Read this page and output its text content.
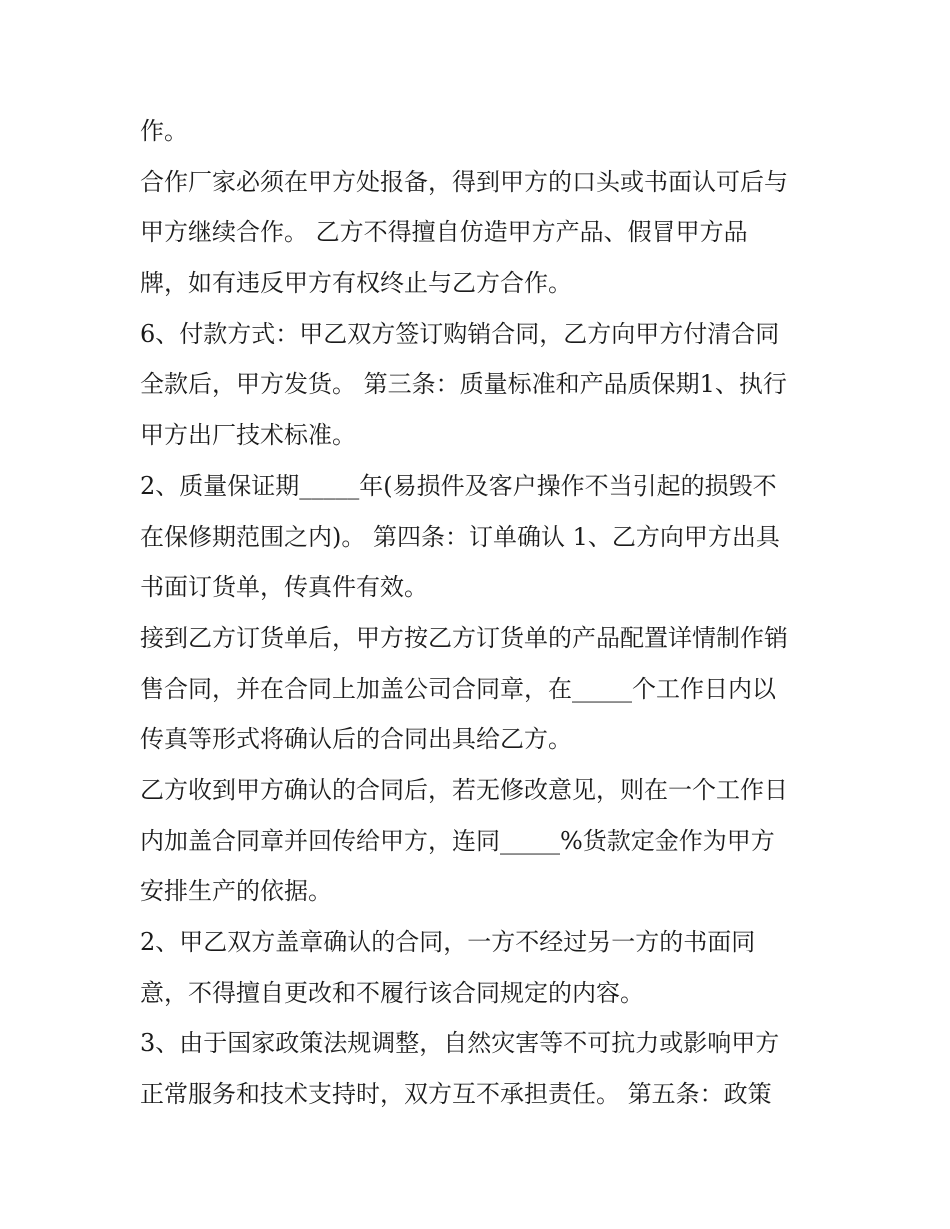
作。
合作厂家必须在甲方处报备，得到甲方的口头或书面认可后与
甲方继续合作。 乙方不得擅自仿造甲方产品、假冒甲方品
牌，如有违反甲方有权终止与乙方合作。
6、付款方式：甲乙双方签订购销合同，乙方向甲方付清合同
全款后，甲方发货。 第三条：质量标准和产品质保期1、执行
甲方出厂技术标准。
2、质量保证期_____年(易损件及客户操作不当引起的损毁不
在保修期范围之内)。 第四条：订单确认 1、乙方向甲方出具
书面订货单，传真件有效。
接到乙方订货单后，甲方按乙方订货单的产品配置详情制作销
售合同，并在合同上加盖公司合同章，在_____个工作日内以
传真等形式将确认后的合同出具给乙方。
乙方收到甲方确认的合同后，若无修改意见，则在一个工作日
内加盖合同章并回传给甲方，连同_____%货款定金作为甲方
安排生产的依据。
2、甲乙双方盖章确认的合同，一方不经过另一方的书面同
意，不得擅自更改和不履行该合同规定的内容。
3、由于国家政策法规调整，自然灾害等不可抗力或影响甲方
正常服务和技术支持时，双方互不承担责任。 第五条：政策
